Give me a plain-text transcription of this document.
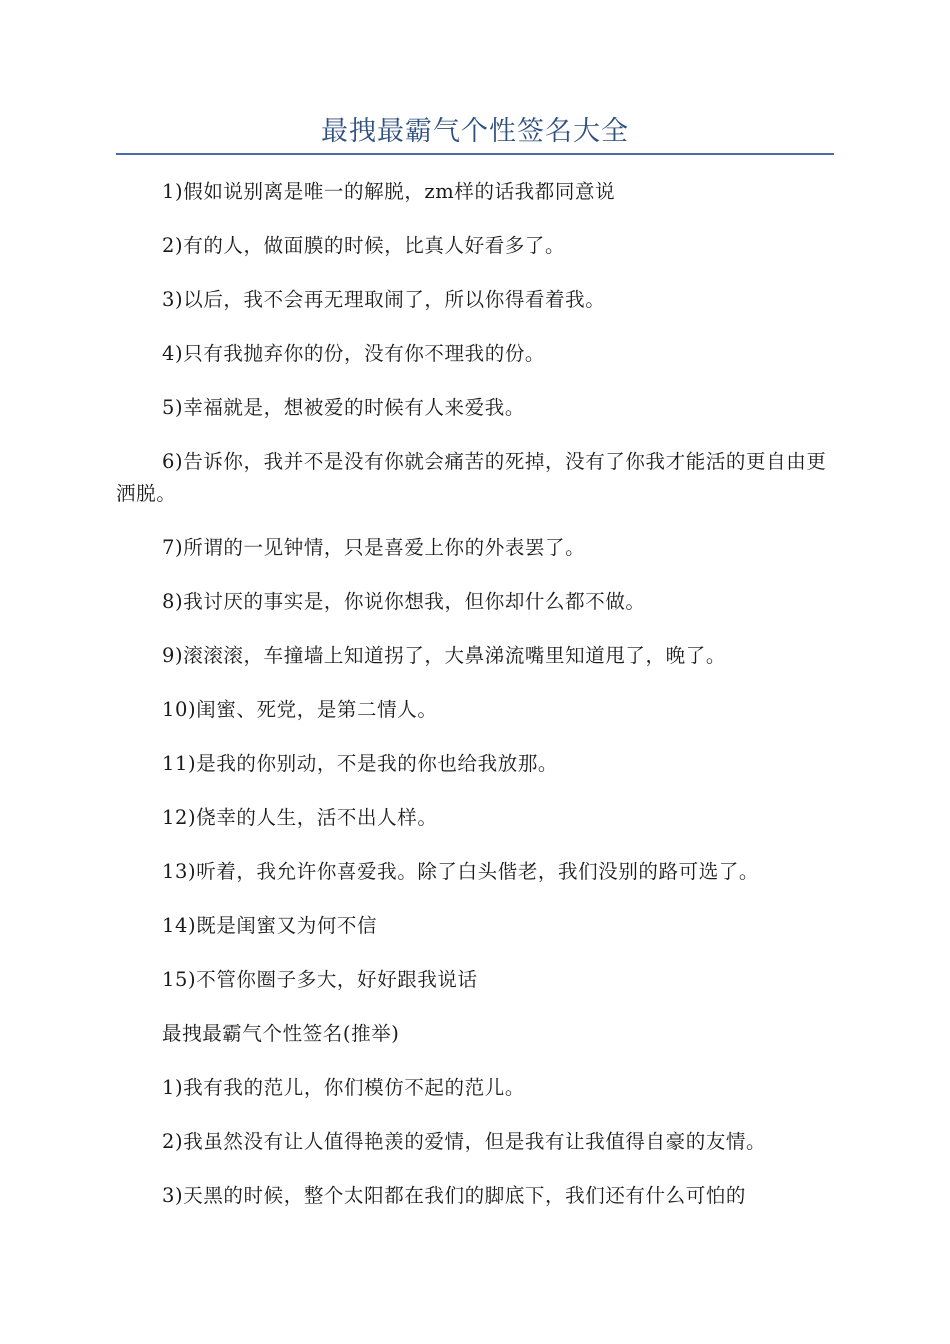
最拽最霸气个性签名大全

1)假如说别离是唯一的解脱，zm样的话我都同意说

2)有的人，做面膜的时候，比真人好看多了。

3)以后，我不会再无理取闹了，所以你得看着我。

4)只有我抛弃你的份，没有你不理我的份。

5)幸福就是，想被爱的时候有人来爱我。

6)告诉你，我并不是没有你就会痛苦的死掉，没有了你我才能活的更自由更洒脱。

7)所谓的一见钟情，只是喜爱上你的外表罢了。

8)我讨厌的事实是，你说你想我，但你却什么都不做。

9)滚滚滚，车撞墙上知道拐了，大鼻涕流嘴里知道甩了，晚了。

10)闺蜜、死党，是第二情人。

11)是我的你别动，不是我的你也给我放那。

12)侥幸的人生，活不出人样。

13)听着，我允许你喜爱我。除了白头偕老，我们没别的路可选了。

14)既是闺蜜又为何不信

15)不管你圈子多大，好好跟我说话

最拽最霸气个性签名(推举)

1)我有我的范儿，你们模仿不起的范儿。

2)我虽然没有让人值得艳羡的爱情，但是我有让我值得自豪的友情。

3)天黑的时候，整个太阳都在我们的脚底下，我们还有什么可怕的
